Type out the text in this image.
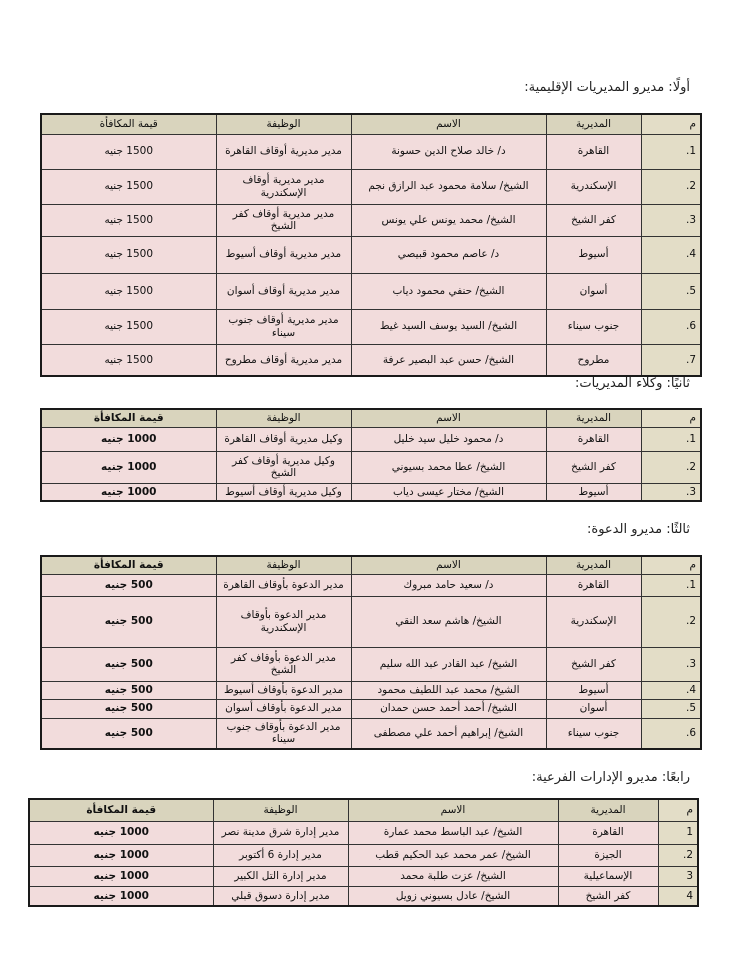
أولًا: مديرو المديريات الإقليمية:
م	المديرية	الاسم	الوظيفة	قيمة المكافأة
1.	القاهرة	د/ خالد صلاح الدين حسونة	مدير مديرية أوقاف القاهرة	1500 جنيه
2.	الإسكندرية	الشيخ/ سلامة محمود عبد الرازق نجم	مدير مديرية أوقاف الإسكندرية	1500 جنيه
3.	كفر الشيخ	الشيخ/ محمد يونس علي يونس	مدير مديرية أوقاف كفر الشيخ	1500 جنيه
4.	أسيوط	د/ عاصم محمود قبيصي	مدير مديرية أوقاف أسيوط	1500 جنيه
5.	أسوان	الشيخ/ حنفي محمود دياب	مدير مديرية أوقاف أسوان	1500 جنيه
6.	جنوب سيناء	الشيخ/ السيد يوسف السيد غيط	مدير مديرية أوقاف جنوب سيناء	1500 جنيه
7.	مطروح	الشيخ/ حسن عبد البصير عرفة	مدير مديرية أوقاف مطروح	1500 جنيه
ثانيًا: وكلاء المديريات:
م	المديرية	الاسم	الوظيفة	قيمة المكافأة
1.	القاهرة	د/ محمود خليل سيد خليل	وكيل مديرية أوقاف القاهرة	1000 جنيه
2.	كفر الشيخ	الشيخ/ عطا محمد بسيوني	وكيل مديرية أوقاف كفر الشيخ	1000 جنيه
3.	أسيوط	الشيخ/ مختار عيسى دياب	وكيل مديرية أوقاف أسيوط	1000 جنيه
ثالثًا: مديرو الدعوة:
م	المديرية	الاسم	الوظيفة	قيمة المكافأة
1.	القاهرة	د/ سعيد حامد مبروك	مدير الدعوة بأوقاف القاهرة	500 جنيه
2.	الإسكندرية	الشيخ/ هاشم سعد النقي	مدير الدعوة بأوقاف الإسكندرية	500 جنيه
3.	كفر الشيخ	الشيخ/ عبد القادر عبد الله سليم	مدير الدعوة بأوقاف كفر الشيخ	500 جنيه
4.	أسيوط	الشيخ/ محمد عبد اللطيف محمود	مدير الدعوة بأوقاف أسيوط	500 جنيه
5.	أسوان	الشيخ/ أحمد أحمد حسن حمدان	مدير الدعوة بأوقاف أسوان	500 جنيه
6.	جنوب سيناء	الشيخ/ إبراهيم أحمد علي مصطفى	مدير الدعوة بأوقاف جنوب سيناء	500 جنيه
رابعًا: مديرو الإدارات الفرعية:
م	المديرية	الاسم	الوظيفة	قيمة المكافأة
1	القاهرة	الشيخ/ عبد الباسط محمد عمارة	مدير إدارة شرق مدينة نصر	1000 جنيه
2.	الجيزة	الشيخ/ عمر محمد عبد الحكيم قطب	مدير إدارة 6 أكتوبر	1000 جنيه
3	الإسماعيلية	الشيخ/ عزت طلبة محمد	مدير إدارة التل الكبير	1000 جنيه
4	كفر الشيخ	الشيخ/ عادل بسيوني زويل	مدير إدارة دسوق قبلي	1000 جنيه
